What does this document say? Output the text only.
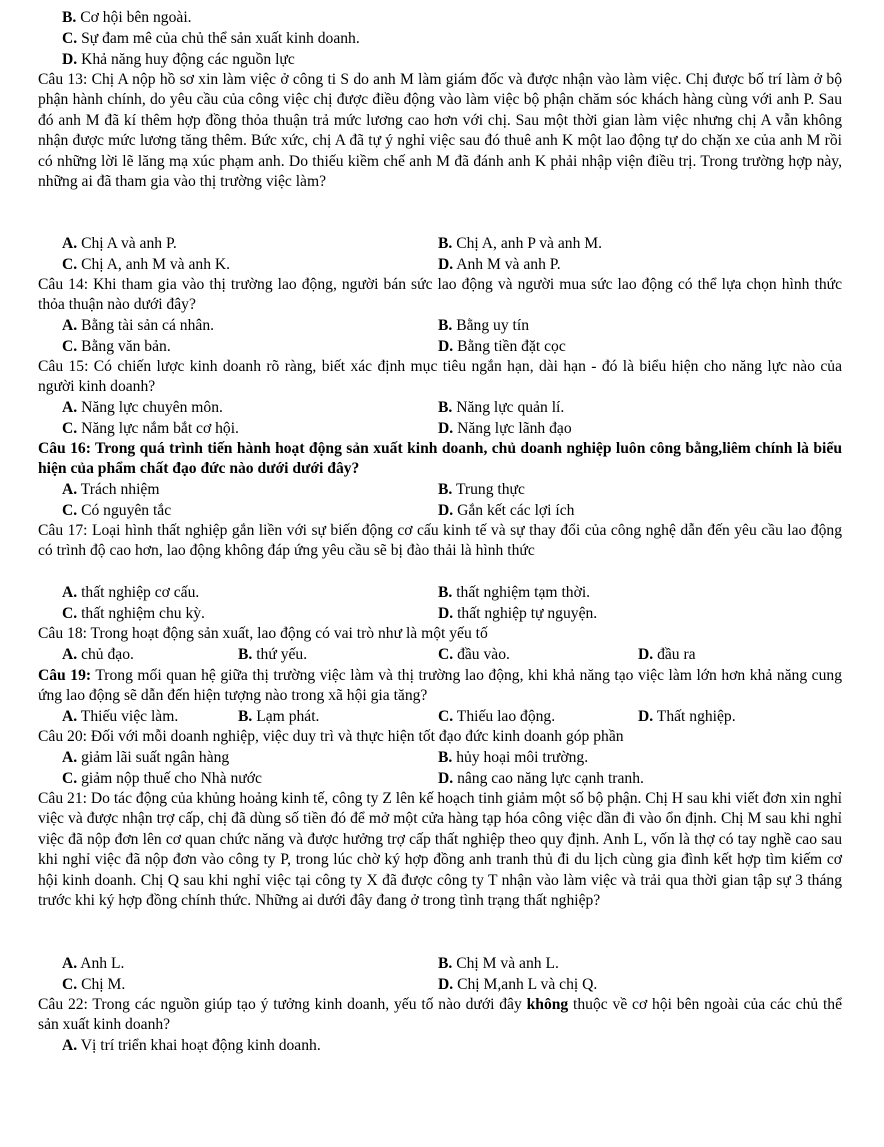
B. Cơ hội bên ngoài.
C. Sự đam mê của chủ thể sản xuất kinh doanh.
D. Khả năng huy động các nguồn lực
Câu 13: Chị A nộp hồ sơ xin làm việc ở công ti S do anh M làm giám đốc và được nhận vào làm việc. Chị được bố trí làm ở bộ phận hành chính, do yêu cầu của công việc chị được điều động vào làm việc bộ phận chăm sóc khách hàng cùng với anh P. Sau đó anh M đã kí thêm hợp đồng thỏa thuận trả mức lương cao hơn với chị. Sau một thời gian làm việc nhưng chị A vẫn không nhận được mức lương tăng thêm. Bức xức, chị A đã tự ý nghỉ việc sau đó thuê anh K một lao động tự do chặn xe của anh M rồi có những lời lẽ lăng mạ xúc phạm anh. Do thiếu kiềm chế anh M đã đánh anh K phải nhập viện điều trị. Trong trường hợp này, những ai đã tham gia vào thị trường việc làm?
A. Chị A và anh P.	B. Chị A, anh P và anh M.
C. Chị A, anh M và anh K.	D. Anh M và anh P.
Câu 14: Khi tham gia vào thị trường lao động, người bán sức lao động và người mua sức lao động có thể lựa chọn hình thức thỏa thuận nào dưới đây?
A. Bằng tài sản cá nhân.	B. Bằng uy tín
C. Bằng văn bản.	D. Bằng tiền đặt cọc
Câu 15: Có chiến lược kinh doanh rõ ràng, biết xác định mục tiêu ngắn hạn, dài hạn - đó là biểu hiện cho năng lực nào của người kinh doanh?
A. Năng lực chuyên môn.	B. Năng lực quản lí.
C. Năng lực nắm bắt cơ hội.	D. Năng lực lãnh đạo
Câu 16: Trong quá trình tiến hành hoạt động sản xuất kinh doanh, chủ doanh nghiệp luôn công bằng,liêm chính là biểu hiện của phẩm chất đạo đức nào dưới dưới đây?
A. Trách nhiệm	B. Trung thực
C. Có nguyên tắc	D. Gắn kết các lợi ích
Câu 17: Loại hình thất nghiệp gắn liền với sự biến động cơ cấu kinh tế và sự thay đổi của công nghệ dẫn đến yêu cầu lao động có trình độ cao hơn, lao động không đáp ứng yêu cầu sẽ bị đào thải là hình thức
A. thất nghiệp cơ cấu.	B. thất nghiệm tạm thời.
C. thất nghiệm chu kỳ.	D. thất nghiệp tự nguyện.
Câu 18: Trong hoạt động sản xuất, lao động có vai trò như là một yếu tố
A. chủ đạo.	B. thứ yếu.	C. đầu vào.	D. đầu ra
Câu 19: Trong mối quan hệ giữa thị trường việc làm và thị trường lao động, khi khả năng tạo việc làm lớn hơn khả năng cung ứng lao động sẽ dẫn đến hiện tượng nào trong xã hội gia tăng?
A. Thiếu việc làm.	B. Lạm phát.	C. Thiếu lao động.	D. Thất nghiệp.
Câu 20: Đối với mỗi doanh nghiệp, việc duy trì và thực hiện tốt đạo đức kinh doanh góp phần
A. giảm lãi suất ngân hàng	B. hủy hoại môi trường.
C. giảm nộp thuế cho Nhà nước	D. nâng cao năng lực cạnh tranh.
Câu 21: Do tác động của khủng hoảng kinh tế, công ty Z lên kế hoạch tinh giảm một số bộ phận. Chị H sau khi viết đơn xin nghỉ việc và được nhận trợ cấp, chị đã dùng số tiền đó để mở một cửa hàng tạp hóa công việc dần đi vào ổn định. Chị M sau khi nghỉ việc đã nộp đơn lên cơ quan chức năng và được hưởng trợ cấp thất nghiệp theo quy định. Anh L, vốn là thợ có tay nghề cao sau khi nghỉ việc đã nộp đơn vào công ty P, trong lúc chờ ký hợp đồng anh tranh thủ đi du lịch cùng gia đình kết hợp tìm kiếm cơ hội kinh doanh. Chị Q sau khi nghỉ việc tại công ty X đã được công ty T nhận vào làm việc và trải qua thời gian tập sự 3 tháng trước khi ký hợp đồng chính thức. Những ai dưới đây đang ở trong tình trạng thất nghiệp?
A. Anh L.	B. Chị M và anh L.
C. Chị M.	D. Chị M,anh L và chị Q.
Câu 22: Trong các nguồn giúp tạo ý tưởng kinh doanh, yếu tố nào dưới đây không thuộc về cơ hội bên ngoài của các chủ thể sản xuất kinh doanh?
A. Vị trí triển khai hoạt động kinh doanh.
